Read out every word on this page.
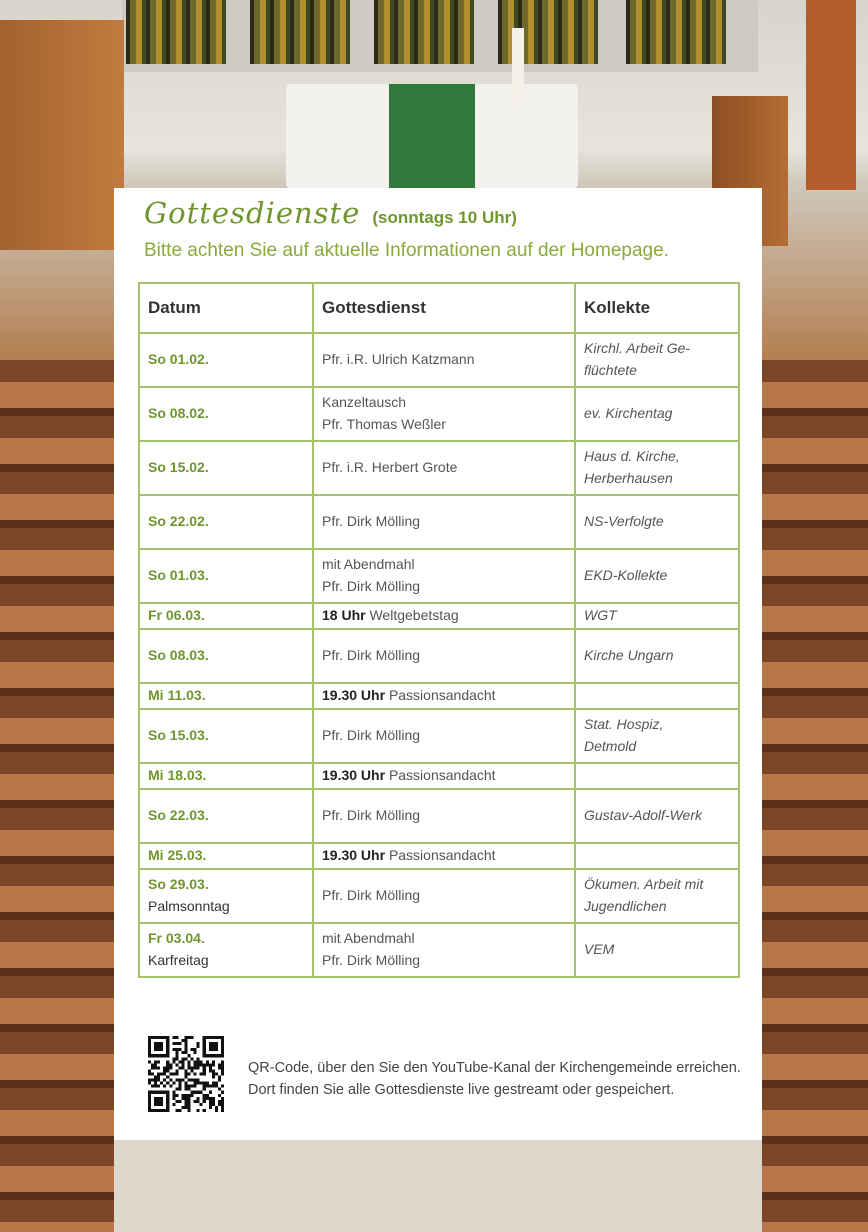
Gottesdienste (sonntags 10 Uhr)
Bitte achten Sie auf aktuelle Informationen auf der Homepage.
Datum	Gottesdienst	Kollekte
So 01.02.	Pfr. i.R. Ulrich Katzmann	Kirchl. Arbeit Ge-
flüchtete
So 08.02.	Kanzeltausch
Pfr. Thomas Weßler	ev. Kirchentag
So 15.02.	Pfr. i.R. Herbert Grote	Haus d. Kirche,
Herberhausen
So 22.02.	Pfr. Dirk Mölling	NS-Verfolgte
So 01.03.	mit Abendmahl
Pfr. Dirk Mölling	EKD-Kollekte
Fr 06.03.	18 Uhr Weltgebetstag	WGT
So 08.03.	Pfr. Dirk Mölling	Kirche Ungarn
Mi 11.03.	19.30 Uhr Passionsandacht	
So 15.03.	Pfr. Dirk Mölling	Stat. Hospiz,
Detmold
Mi 18.03.	19.30 Uhr Passionsandacht	
So 22.03.	Pfr. Dirk Mölling	Gustav-Adolf-Werk
Mi 25.03.	19.30 Uhr Passionsandacht	
So 29.03.
Palmsonntag	Pfr. Dirk Mölling	Ökumen. Arbeit mit
Jugendlichen
Fr 03.04.
Karfreitag	mit Abendmahl
Pfr. Dirk Mölling	VEM
QR-Code, über den Sie den YouTube-Kanal der Kirchengemeinde erreichen. Dort finden Sie alle Gottesdienste live gestreamt oder gespeichert.
